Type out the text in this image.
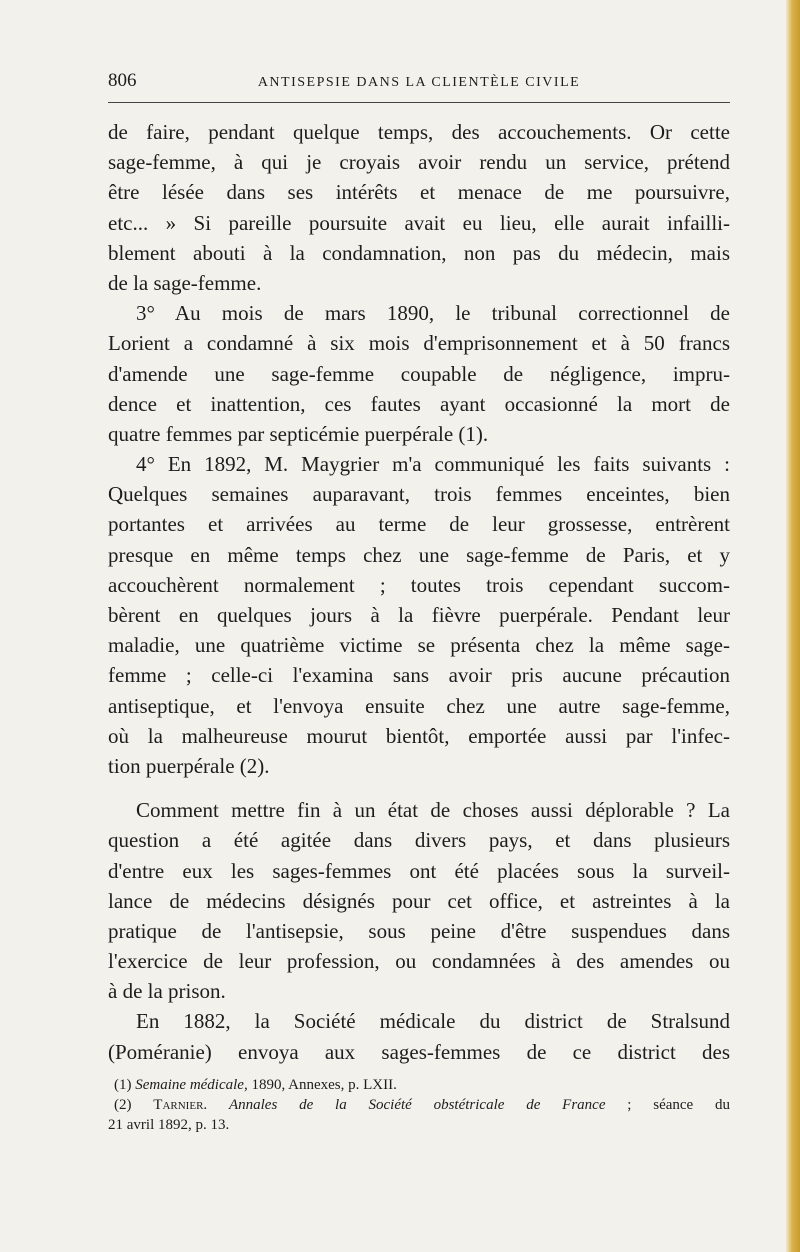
806	ANTISEPSIE DANS LA CLIENTÈLE CIVILE
de faire, pendant quelque temps, des accouchements. Or cette
sage-femme, à qui je croyais avoir rendu un service, prétend
être lésée dans ses intérêts et menace de me poursuivre,
etc... » Si pareille poursuite avait eu lieu, elle aurait infailli-
blement abouti à la condamnation, non pas du médecin, mais
de la sage-femme.
3° Au mois de mars 1890, le tribunal correctionnel de
Lorient a condamné à six mois d'emprisonnement et à 50 francs
d'amende une sage-femme coupable de négligence, impru-
dence et inattention, ces fautes ayant occasionné la mort de
quatre femmes par septicémie puerpérale (1).
4° En 1892, M. Maygrier m'a communiqué les faits suivants :
Quelques semaines auparavant, trois femmes enceintes, bien
portantes et arrivées au terme de leur grossesse, entrèrent
presque en même temps chez une sage-femme de Paris, et y
accouchèrent normalement ; toutes trois cependant succom-
bèrent en quelques jours à la fièvre puerpérale. Pendant leur
maladie, une quatrième victime se présenta chez la même sage-
femme ; celle-ci l'examina sans avoir pris aucune précaution
antiseptique, et l'envoya ensuite chez une autre sage-femme,
où la malheureuse mourut bientôt, emportée aussi par l'infec-
tion puerpérale (2).
Comment mettre fin à un état de choses aussi déplorable ? La
question a été agitée dans divers pays, et dans plusieurs
d'entre eux les sages-femmes ont été placées sous la surveil-
lance de médecins désignés pour cet office, et astreintes à la
pratique de l'antisepsie, sous peine d'être suspendues dans
l'exercice de leur profession, ou condamnées à des amendes ou
à de la prison.
En 1882, la Société médicale du district de Stralsund
(Poméranie) envoya aux sages-femmes de ce district des
(1) Semaine médicale, 1890, Annexes, p. LXII.
(2) Tarnier. Annales de la Société obstétricale de France ; séance du
21 avril 1892, p. 13.
